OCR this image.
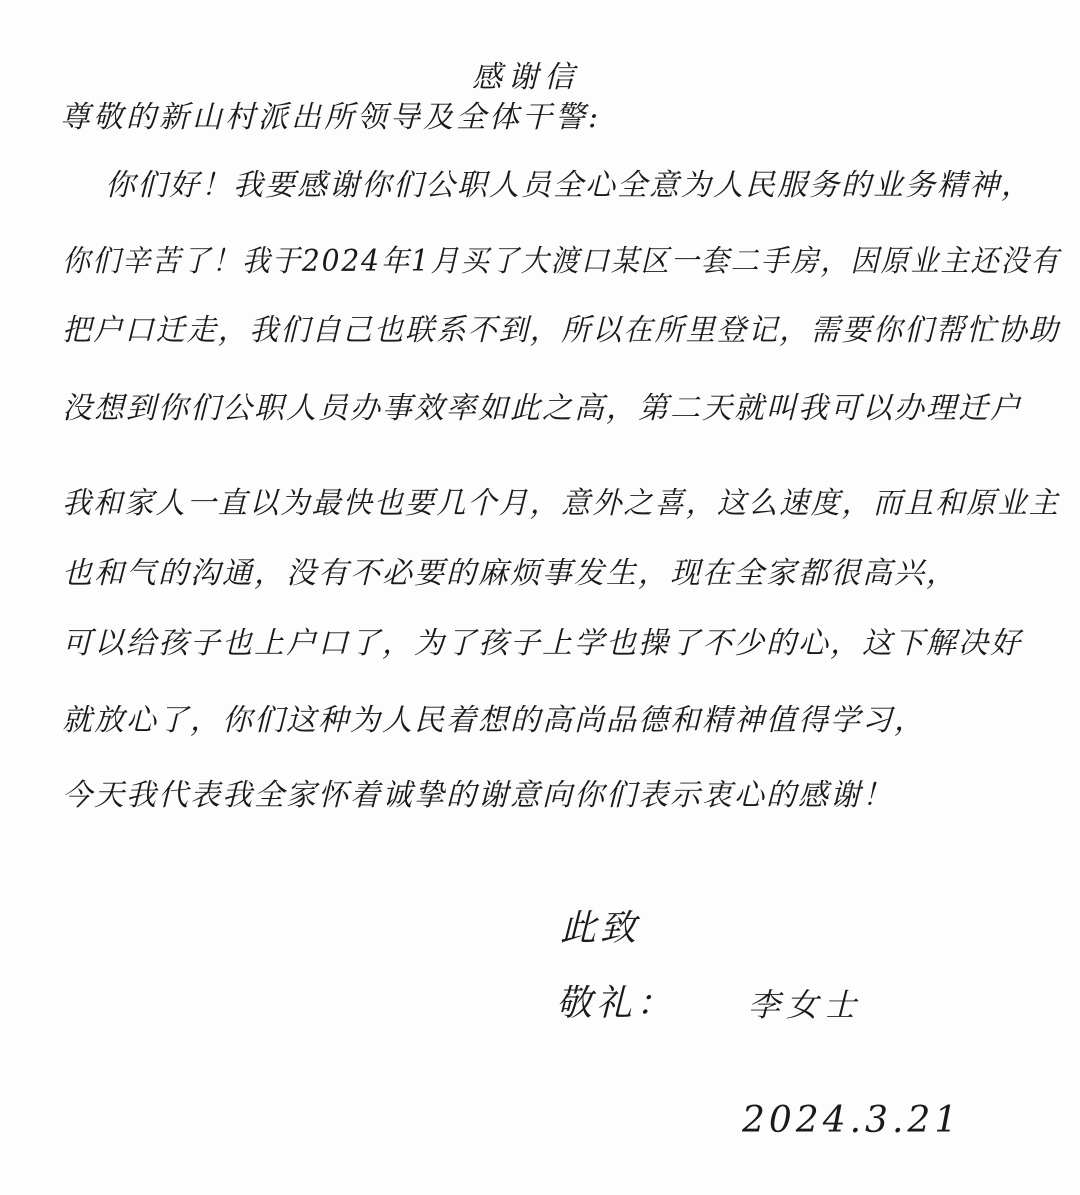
感谢信
尊敬的新山村派出所领导及全体干警:
你们好！我要感谢你们公职人员全心全意为人民服务的业务精神，
你们辛苦了！我于2024年1月买了大渡口某区一套二手房，因原业主还没有
把户口迁走，我们自己也联系不到，所以在所里登记，需要你们帮忙协助
没想到你们公职人员办事效率如此之高，第二天就叫我可以办理迁户
我和家人一直以为最快也要几个月，意外之喜，这么速度，而且和原业主
也和气的沟通，没有不必要的麻烦事发生，现在全家都很高兴，
可以给孩子也上户口了，为了孩子上学也操了不少的心，这下解决好
就放心了，你们这种为人民着想的高尚品德和精神值得学习，
今天我代表我全家怀着诚挚的谢意向你们表示衷心的感谢！
此致
敬礼： 李女士
2024.3.21
